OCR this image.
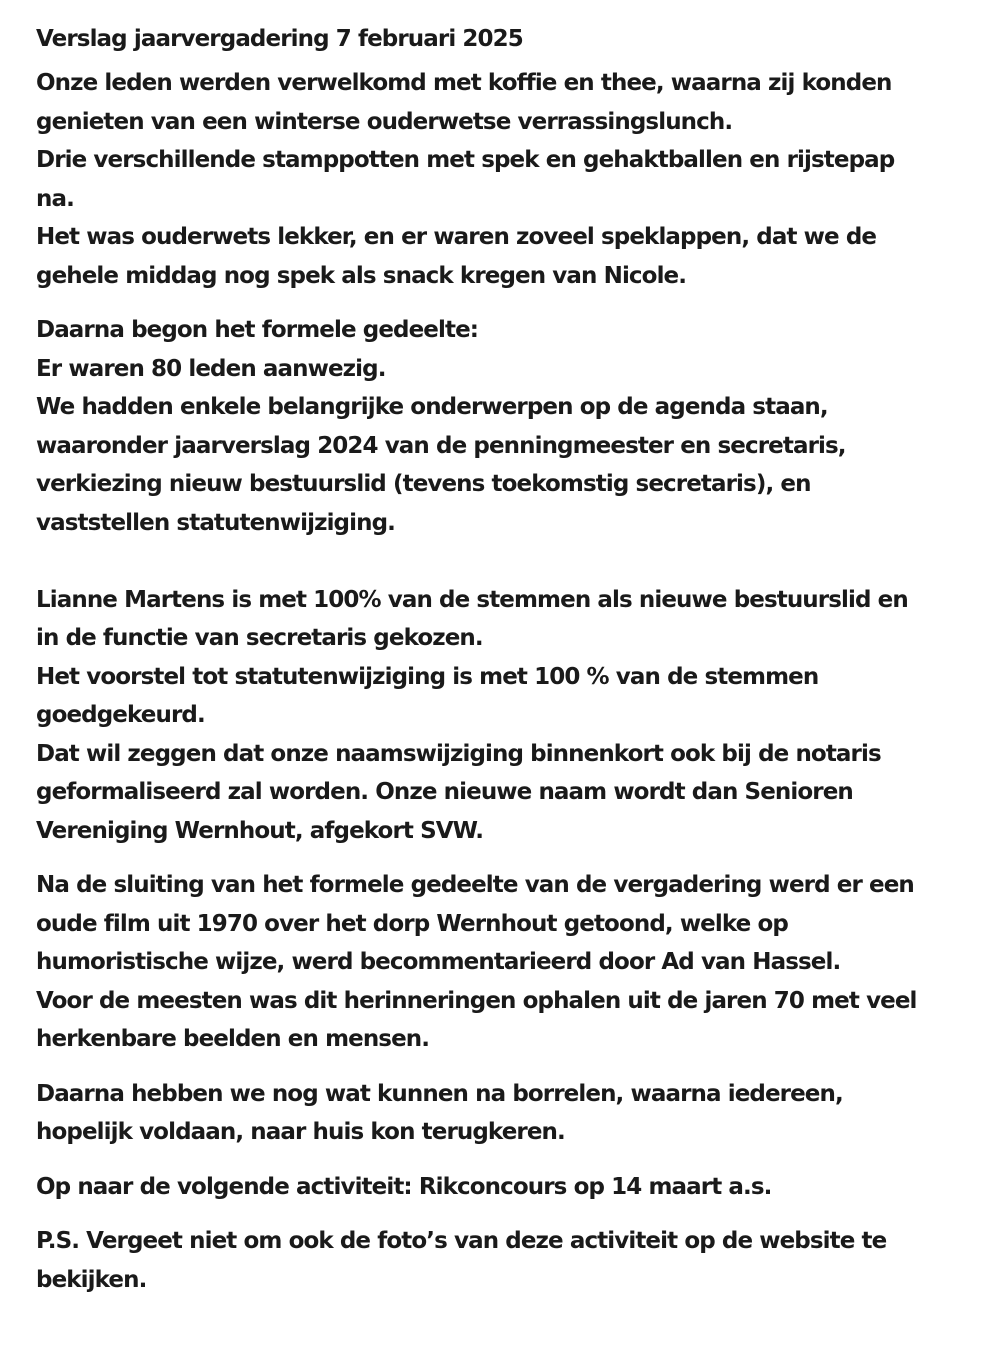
Verslag jaarvergadering 7 februari 2025
Onze leden werden verwelkomd met koffie en thee, waarna zij konden
genieten van een winterse ouderwetse verrassingslunch.
Drie verschillende stamppotten met spek en gehaktballen en rijstepap
na.
Het was ouderwets lekker, en er waren zoveel speklappen, dat we de
gehele middag nog spek als snack kregen van Nicole.
Daarna begon het formele gedeelte:
Er waren 80 leden aanwezig.
We hadden enkele belangrijke onderwerpen op de agenda staan,
waaronder jaarverslag 2024 van de penningmeester en secretaris,
verkiezing nieuw bestuurslid (tevens toekomstig secretaris), en
vaststellen statutenwijziging.
Lianne Martens is met 100% van de stemmen als nieuwe bestuurslid en
in de functie van secretaris gekozen.
Het voorstel tot statutenwijziging is met 100 % van de stemmen
goedgekeurd.
Dat wil zeggen dat onze naamswijziging binnenkort ook bij de notaris
geformaliseerd zal worden. Onze nieuwe naam wordt dan Senioren
Vereniging Wernhout, afgekort SVW.
Na de sluiting van het formele gedeelte van de vergadering werd er een
oude film uit 1970 over het dorp Wernhout getoond, welke op
humoristische wijze, werd becommentarieerd door Ad van Hassel.
Voor de meesten was dit herinneringen ophalen uit de jaren 70 met veel
herkenbare beelden en mensen.
Daarna hebben we nog wat kunnen na borrelen, waarna iedereen,
hopelijk voldaan, naar huis kon terugkeren.
Op naar de volgende activiteit: Rikconcours op 14 maart a.s.
P.S. Vergeet niet om ook de foto’s van deze activiteit op de website te
bekijken.
